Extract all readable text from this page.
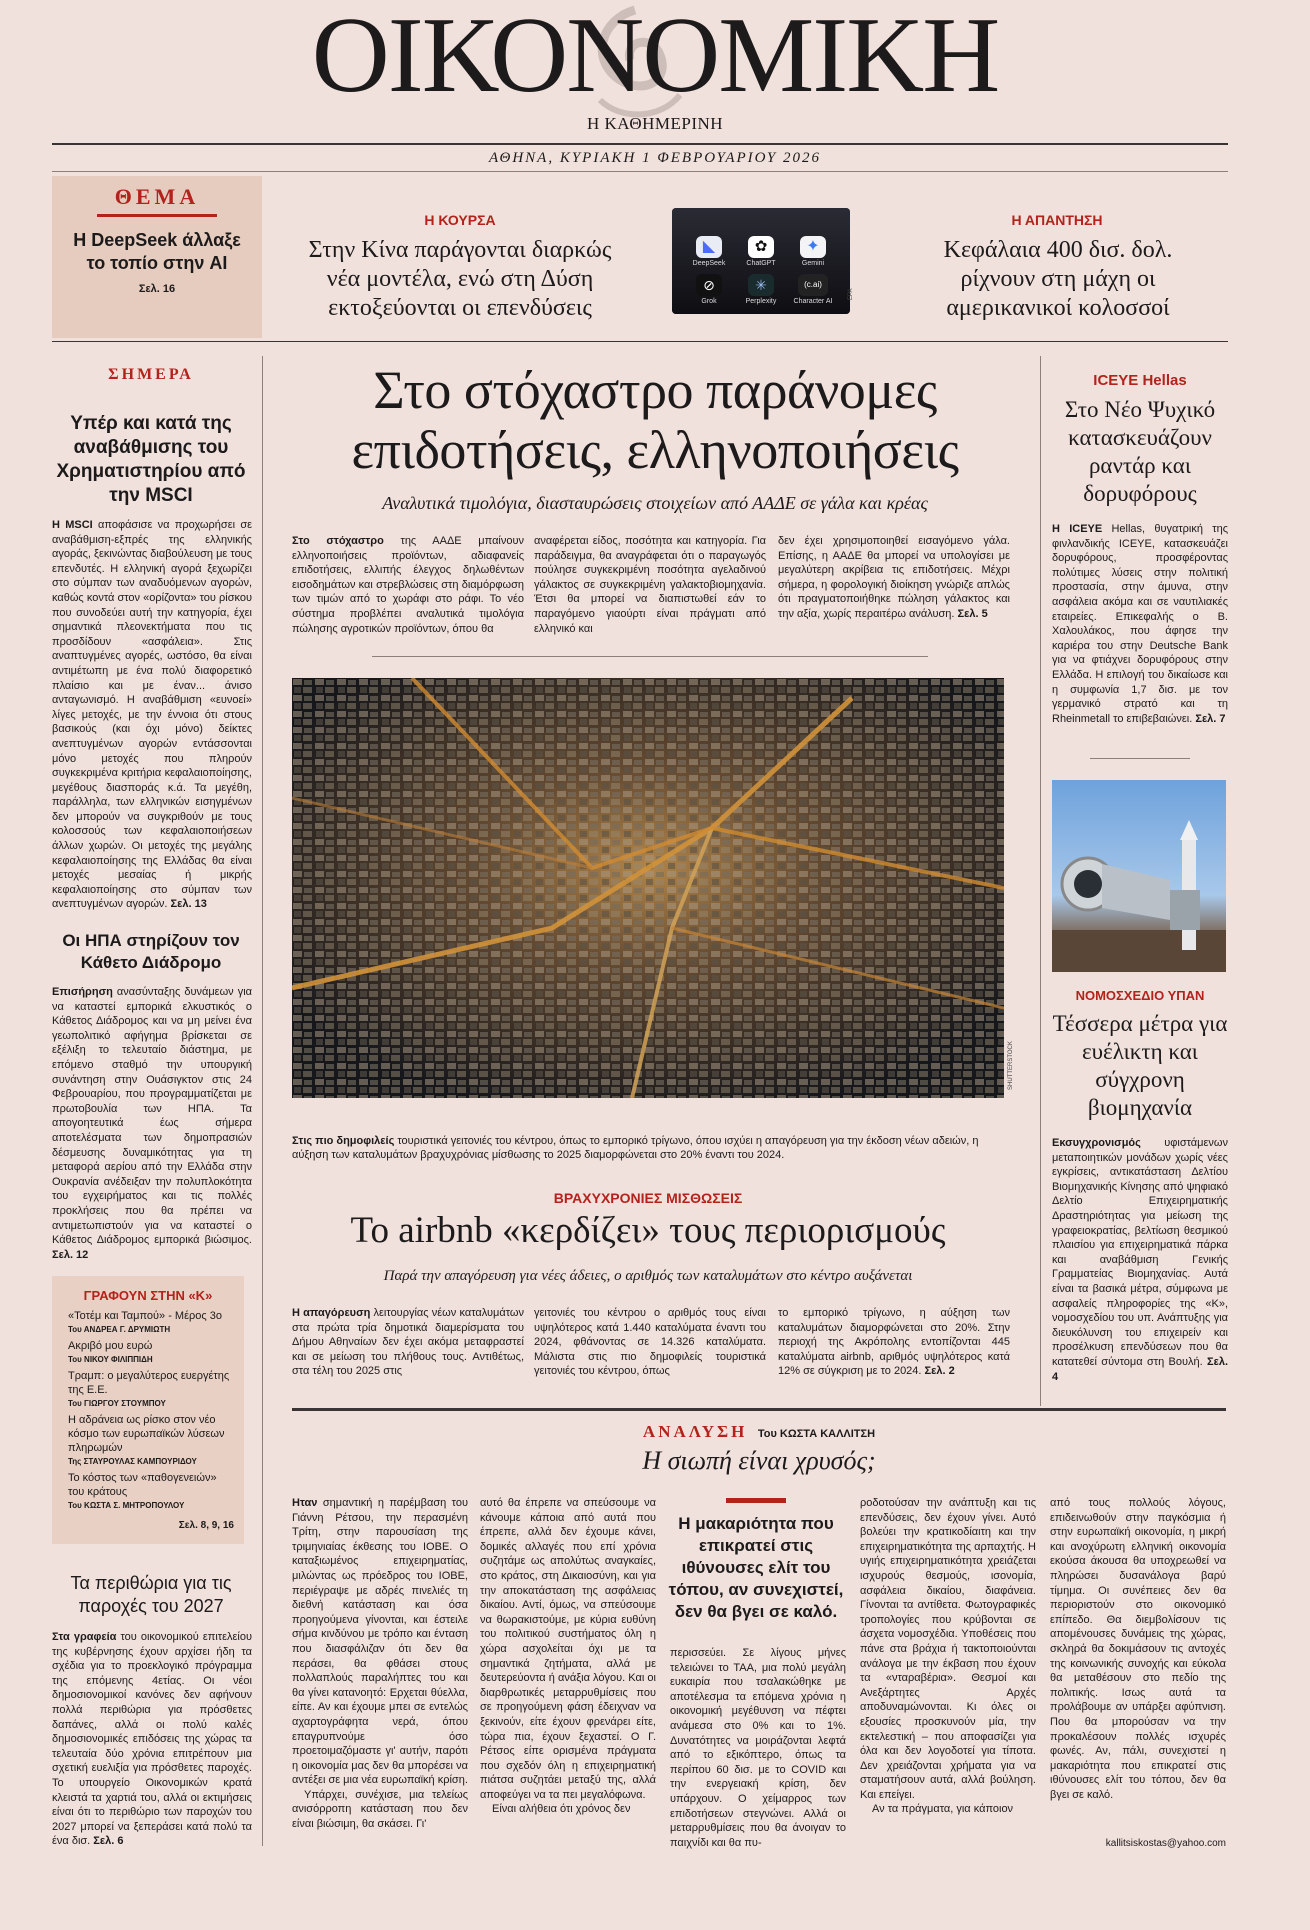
ΟΙΚΟΝΟΜΙΚΗ
Η ΚΑΘΗΜΕΡΙΝΗ
ΑΘΗΝΑ, ΚΥΡΙΑΚΗ 1 ΦΕΒΡΟΥΑΡΙΟΥ 2026
ΘΕΜΑ
Η DeepSeek άλλαξε το τοπίο στην AI
Σελ. 16
Η ΚΟΥΡΣΑ
Στην Κίνα παράγονται διαρκώς νέα μοντέλα, ενώ στη Δύση εκτοξεύονται οι επενδύσεις
◣	✿	✦
DeepSeek	ChatGPT	Gemini
⊘	✳	(c.ai)
Grok	Perplexity	Character AI
EPA
Η ΑΠΑΝΤΗΣΗ
Κεφάλαια 400 δισ. δολ. ρίχνουν στη μάχη οι αμερικανικοί κολοσσοί
ΣΗΜΕΡΑ
Υπέρ και κατά της αναβάθμισης του Χρηματιστηρίου από την MSCI
Η MSCI αποφάσισε να προχωρήσει σε αναβάθμιση-εξπρές της ελληνικής αγοράς, ξεκινώντας διαβούλευση με τους επενδυτές. Η ελληνική αγορά ξεχωρίζει στο σύμπαν των αναδυόμενων αγορών, καθώς κοντά στον «ορίζοντα» του ρίσκου που συνοδεύει αυτή την κατηγορία, έχει σημαντικά πλεονεκτήματα που τις προσδίδουν «ασφάλεια». Στις αναπτυγμένες αγορές, ωστόσο, θα είναι αντιμέτωπη με ένα πολύ διαφορετικό πλαίσιο και με έναν... άνισο ανταγωνισμό. Η αναβάθμιση «ευνοεί» λίγες μετοχές, με την έννοια ότι στους βασικούς (και όχι μόνο) δείκτες ανεπτυγμένων αγορών εντάσσονται μόνο μετοχές που πληρούν συγκεκριμένα κριτήρια κεφαλαιοποίησης, μεγέθους διασποράς κ.ά. Τα μεγέθη, παράλληλα, των ελληνικών εισηγμένων δεν μπορούν να συγκριθούν με τους κολοσσούς των κεφαλαιοποιήσεων άλλων χωρών. Οι μετοχές της μεγάλης κεφαλαιοποίησης της Ελλάδας θα είναι μετοχές μεσαίας ή μικρής κεφαλαιοποίησης στο σύμπαν των ανεπτυγμένων αγορών. Σελ. 13
Οι ΗΠΑ στηρίζουν τον Κάθετο Διάδρομο
Επισήρηση ανασύνταξης δυνάμεων για να καταστεί εμπορικά ελκυστικός ο Κάθετος Διάδρομος και να μη μείνει ένα γεωπολιτικό αφήγημα βρίσκεται σε εξέλιξη το τελευταίο διάστημα, με επόμενο σταθμό την υπουργική συνάντηση στην Ουάσιγκτον στις 24 Φεβρουαρίου, που προγραμματίζεται με πρωτοβουλία των ΗΠΑ. Τα απογοητευτικά έως σήμερα αποτελέσματα των δημοπρασιών δέσμευσης δυναμικότητας για τη μεταφορά αερίου από την Ελλάδα στην Ουκρανία ανέδειξαν την πολυπλοκότητα του εγχειρήματος και τις πολλές προκλήσεις που θα πρέπει να αντιμετωπιστούν για να καταστεί ο Κάθετος Διάδρομος εμπορικά βιώσιμος. Σελ. 12
ΓΡΑΦΟΥΝ ΣΤΗΝ «Κ»
«Τοτέμ και Ταμπού» - Μέρος 3ο
Του ΑΝΔΡΕΑ Γ. ΔΡΥΜΙΩΤΗ
Ακριβό μου ευρώ
Του ΝΙΚΟΥ ΦΙΛΙΠΠΙΔΗ
Τραμπ: ο μεγαλύτερος ευεργέτης της Ε.Ε.
Του ΓΙΩΡΓΟΥ ΣΤΟΥΜΠΟΥ
Η αδράνεια ως ρίσκο στον νέο κόσμο των ευρωπαϊκών λύσεων πληρωμών
Της ΣΤΑΥΡΟΥΛΑΣ ΚΑΜΠΟΥΡΙΔΟΥ
Το κόστος των «παθογενειών» του κράτους
Του ΚΩΣΤΑ Σ. ΜΗΤΡΟΠΟΥΛΟΥ
Σελ. 8, 9, 16
Τα περιθώρια για τις παροχές του 2027
Στα γραφεία του οικονομικού επιτελείου της κυβέρνησης έχουν αρχίσει ήδη τα σχέδια για το προεκλογικό πρόγραμμα της επόμενης 4ετίας. Οι νέοι δημοσιονομικοί κανόνες δεν αφήνουν πολλά περιθώρια για πρόσθετες δαπάνες, αλλά οι πολύ καλές δημοσιονομικές επιδόσεις της χώρας τα τελευταία δύο χρόνια επιτρέπουν μια σχετική ευελιξία για πρόσθετες παροχές. Το υπουργείο Οικονομικών κρατά κλειστά τα χαρτιά του, αλλά οι εκτιμήσεις είναι ότι το περιθώριο των παροχών του 2027 μπορεί να ξεπεράσει κατά πολύ τα ένα δισ. Σελ. 6
Στο στόχαστρο παράνομες επιδοτήσεις, ελληνοποιήσεις
Αναλυτικά τιμολόγια, διασταυρώσεις στοιχείων από ΑΑΔΕ σε γάλα και κρέας
Στο στόχαστρο της ΑΑΔΕ μπαίνουν ελληνοποιήσεις προϊόντων, αδιαφανείς επιδοτήσεις, ελλιπής έλεγχος δηλωθέντων εισοδημάτων και στρεβλώσεις στη διαμόρφωση των τιμών από το χωράφι στο ράφι. Το νέο σύστημα προβλέπει αναλυτικά τιμολόγια πώλησης αγροτικών προϊόντων, όπου θα
αναφέρεται είδος, ποσότητα και κατηγορία. Για παράδειγμα, θα αναγράφεται ότι ο παραγωγός πούλησε συγκεκριμένη ποσότητα αγελαδινού γάλακτος σε συγκεκριμένη γαλακτοβιομηχανία. Έτσι θα μπορεί να διαπιστωθεί εάν το παραγόμενο γιαούρτι είναι πράγματι από ελληνικό και
δεν έχει χρησιμοποιηθεί εισαγόμενο γάλα. Επίσης, η ΑΑΔΕ θα μπορεί να υπολογίσει με μεγαλύτερη ακρίβεια τις επιδοτήσεις. Μέχρι σήμερα, η φορολογική διοίκηση γνώριζε απλώς ότι πραγματοποιήθηκε πώληση γάλακτος και την αξία, χωρίς περαιτέρω ανάλυση. Σελ. 5
SHUTTERSTOCK
Στις πιο δημοφιλείς τουριστικά γειτονιές του κέντρου, όπως το εμπορικό τρίγωνο, όπου ισχύει η απαγόρευση για την έκδοση νέων αδειών, η αύξηση των καταλυμάτων βραχυχρόνιας μίσθωσης το 2025 διαμορφώνεται στο 20% έναντι του 2024.
ΒΡΑΧΥΧΡΟΝΙΕΣ ΜΙΣΘΩΣΕΙΣ
Το airbnb «κερδίζει» τους περιορισμούς
Παρά την απαγόρευση για νέες άδειες, ο αριθμός των καταλυμάτων στο κέντρο αυξάνεται
Η απαγόρευση λειτουργίας νέων καταλυμάτων στα πρώτα τρία δημοτικά διαμερίσματα του Δήμου Αθηναίων δεν έχει ακόμα μεταφραστεί και σε μείωση του πλήθους τους. Αντιθέτως, στα τέλη του 2025 στις
γειτονιές του κέντρου ο αριθμός τους είναι υψηλότερος κατά 1.440 καταλύματα έναντι του 2024, φθάνοντας σε 14.326 καταλύματα. Μάλιστα στις πιο δημοφιλείς τουριστικά γειτονιές του κέντρου, όπως
το εμπορικό τρίγωνο, η αύξηση των καταλυμάτων διαμορφώνεται στο 20%. Στην περιοχή της Ακρόπολης εντοπίζονται 445 καταλύματα airbnb, αριθμός υψηλότερος κατά 12% σε σύγκριση με το 2024. Σελ. 2
ICEYE Hellas
Στο Νέο Ψυχικό κατασκευάζουν ραντάρ και δορυφόρους
Η ICEYE Hellas, θυγατρική της φινλανδικής ICEYE, κατασκευάζει δορυφόρους, προσφέροντας πολύτιμες λύσεις στην πολιτική προστασία, στην άμυνα, στην ασφάλεια ακόμα και σε ναυτιλιακές εταιρείες. Επικεφαλής ο Β. Χαλουλάκος, που άφησε την καριέρα του στην Deutsche Bank για να φτιάχνει δορυφόρους στην Ελλάδα. Η επιλογή του δικαίωσε και η συμφωνία 1,7 δισ. με τον γερμανικό στρατό και τη Rheinmetall το επιβεβαιώνει. Σελ. 7
ΝΟΜΟΣΧΕΔΙΟ ΥΠΑΝ
Τέσσερα μέτρα για ευέλικτη και σύγχρονη βιομηχανία
Εκσυγχρονισμός υφιστάμενων μεταποιητικών μονάδων χωρίς νέες εγκρίσεις, αντικατάσταση Δελτίου Βιομηχανικής Κίνησης από ψηφιακό Δελτίο Επιχειρηματικής Δραστηριότητας για μείωση της γραφειοκρατίας, βελτίωση θεσμικού πλαισίου για επιχειρηματικά πάρκα και αναβάθμιση Γενικής Γραμματείας Βιομηχανίας. Αυτά είναι τα βασικά μέτρα, σύμφωνα με ασφαλείς πληροφορίες της «Κ», νομοσχεδίου του υπ. Ανάπτυξης για διευκόλυνση του επιχειρείν και προσέλκυση επενδύσεων που θα κατατεθεί σύντομα στη Βουλή. Σελ. 4
ΑΝΑΛΥΣΗ Του ΚΩΣΤΑ ΚΑΛΛΙΤΣΗ
Η σιωπή είναι χρυσός;
Ηταν σημαντική η παρέμβαση του Γιάννη Ρέτσου, την περασμένη Τρίτη, στην παρουσίαση της τριμηνιαίας έκθεσης του ΙΟΒΕ. Ο καταξιωμένος επιχειρηματίας, μιλώντας ως πρόεδρος του ΙΟΒΕ, περιέγραψε με αδρές πινελιές τη διεθνή κατάσταση και όσα προηγούμενα γίνονται, και έστειλε σήμα κινδύνου με τρόπο και ένταση που διασφάλιζαν ότι δεν θα περάσει, θα φθάσει στους πολλαπλούς παραλήπτες του και θα γίνει κατανοητό: Ερχεται θύελλα, είπε. Αν και έχουμε μπει σε εντελώς αχαρτογράφητα νερά, όπου επαγρυπνούμε όσο προετοιμαζόμαστε γι' αυτήν, παρότι η οικονομία μας δεν θα μπορέσει να αντέξει σε μια νέα ευρωπαϊκή κρίση.
Υπάρχει, συνέχισε, μια τελείως ανισόρροπη κατάσταση που δεν είναι βιώσιμη, θα σκάσει. Γι'
αυτό θα έπρεπε να σπεύσουμε να κάνουμε κάποια από αυτά που έπρεπε, αλλά δεν έχουμε κάνει, δομικές αλλαγές που επί χρόνια συζητάμε ως απολύτως αναγκαίες, στο κράτος, στη Δικαιοσύνη, και για την αποκατάσταση της ασφάλειας δικαίου. Αντί, όμως, να σπεύσουμε να θωρακιστούμε, με κύρια ευθύνη του πολιτικού συστήματος όλη η χώρα ασχολείται όχι με τα σημαντικά ζητήματα, αλλά με δευτερεύοντα ή ανάξια λόγου. Και οι διαρθρωτικές μεταρρυθμίσεις που σε προηγούμενη φάση έδειχναν να ξεκινούν, είτε έχουν φρενάρει είτε, τώρα πια, έχουν ξεχαστεί. Ο Γ. Ρέτσος είπε ορισμένα πράγματα που σχεδόν όλη η επιχειρηματική πιάτσα συζητάει μεταξύ της, αλλά αποφεύγει να τα πει μεγαλόφωνα.
Είναι αλήθεια ότι χρόνος δεν
Η μακαριότητα που επικρατεί στις ιθύνουσες ελίτ του τόπου, αν συνεχιστεί, δεν θα βγει σε καλό.
περισσεύει. Σε λίγους μήνες τελειώνει το ΤΑΑ, μια πολύ μεγάλη ευκαιρία που τσαλακώθηκε με αποτέλεσμα τα επόμενα χρόνια η οικονομική μεγέθυνση να πέφτει ανάμεσα στο 0% και το 1%. Δυνατότητες να μοιράζονται λεφτά από το εξικόπτερο, όπως τα περίπου 60 δισ. με το COVID και την ενεργειακή κρίση, δεν υπάρχουν. Ο χείμαρρος των επιδοτήσεων στεγνώνει. Αλλά οι μεταρρυθμίσεις που θα άνοιγαν το παιχνίδι και θα πυ-
ροδοτούσαν την ανάπτυξη και τις επενδύσεις, δεν έχουν γίνει. Αυτό βολεύει την κρατικοδίαιτη και την επιχειρηματικότητα της αρπαχτής. Η υγιής επιχειρηματικότητα χρειάζεται ισχυρούς θεσμούς, ισονομία, ασφάλεια δικαίου, διαφάνεια. Γίνονται τα αντίθετα. Φωτογραφικές τροπολογίες που κρύβονται σε άσχετα νομοσχέδια. Υποθέσεις που πάνε στα βράχια ή τακτοποιούνται ανάλογα με την έκβαση που έχουν τα «νταραβέρια». Θεσμοί και Ανεξάρτητες Αρχές αποδυναμώνονται. Κι όλες οι εξουσίες προσκυνούν μία, την εκτελεστική – που αποφασίζει για όλα και δεν λογοδοτεί για τίποτα. Δεν χρειάζονται χρήματα για να σταματήσουν αυτά, αλλά βούληση. Και επείγει.
Αν τα πράγματα, για κάποιον
από τους πολλούς λόγους, επιδεινωθούν στην παγκόσμια ή στην ευρωπαϊκή οικονομία, η μικρή και ανοχύρωτη ελληνική οικονομία εκούσα άκουσα θα υποχρεωθεί να πληρώσει δυσανάλογα βαρύ τίμημα. Οι συνέπειες δεν θα περιοριστούν στο οικονομικό επίπεδο. Θα διεμβολίσουν τις απομένουσες δυνάμεις της χώρας, σκληρά θα δοκιμάσουν τις αντοχές της κοινωνικής συνοχής και εύκολα θα μεταθέσουν στο πεδίο της πολιτικής. Ισως αυτά τα προλάβουμε αν υπάρξει αφύπνιση. Που θα μπορούσαν να την προκαλέσουν πολλές ισχυρές φωνές. Αν, πάλι, συνεχιστεί η μακαριότητα που επικρατεί στις ιθύνουσες ελίτ του τόπου, δεν θα βγει σε καλό.
kallitsiskostas@yahoo.com
